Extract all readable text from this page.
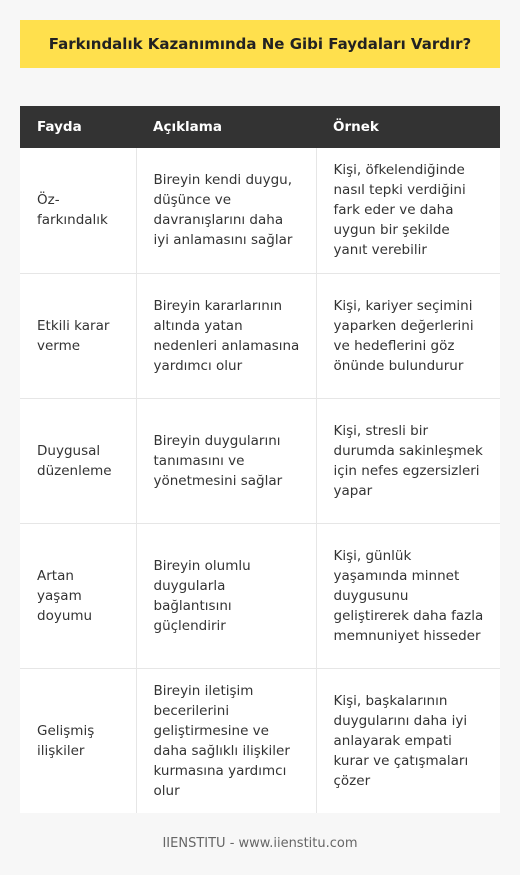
Farkındalık Kazanımında Ne Gibi Faydaları Vardır?
Fayda	Açıklama	Örnek
Öz-farkındalık	Bireyin kendi duygu, düşünce ve davranışlarını daha iyi anlamasını sağlar	Kişi, öfkelendiğinde nasıl tepki verdiğini fark eder ve daha uygun bir şekilde yanıt verebilir
Etkili karar verme	Bireyin kararlarının altında yatan nedenleri anlamasına yardımcı olur	Kişi, kariyer seçimini yaparken değerlerini ve hedeflerini göz önünde bulundurur
Duygusal düzenleme	Bireyin duygularını tanımasını ve yönetmesini sağlar	Kişi, stresli bir durumda sakinleşmek için nefes egzersizleri yapar
Artan yaşam doyumu	Bireyin olumlu duygularla bağlantısını güçlendirir	Kişi, günlük yaşamında minnet duygusunu geliştirerek daha fazla memnuniyet hisseder
Gelişmiş ilişkiler	Bireyin iletişim becerilerini geliştirmesine ve daha sağlıklı ilişkiler kurmasına yardımcı olur	Kişi, başkalarının duygularını daha iyi anlayarak empati kurar ve çatışmaları çözer
IIENSTITU - www.iienstitu.com
